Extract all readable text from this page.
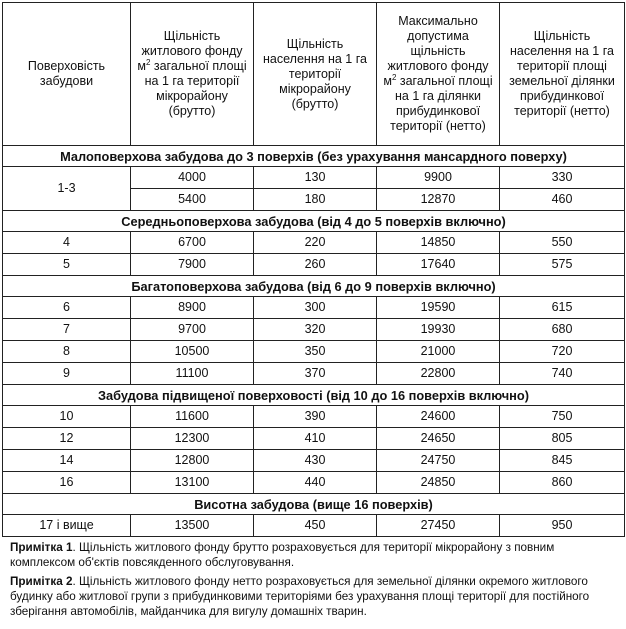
Поверховість забудови	Щільність житлового фонду $м^2$ загальної площі на 1 га території мікрорайону (брутто)	Щільність населення на 1 га території мікрорайону (брутто)	Максимально допустима щільність житлового фонду $м^2$ загальної площі на 1 га ділянки прибудинкової території (нетто)	Щільність населення на 1 га території площі земельної ділянки прибудинкової території (нетто)
Малоповерхова забудова до 3 поверхів (без урахування мансардного поверху)				
1-3	4000	130	9900	330
	5400	180	12870	460
Середньоповерхова забудова (від 4 до 5 поверхів включно)				
4	6700	220	14850	550
5	7900	260	17640	575
Багатоповерхова забудова (від 6 до 9 поверхів включно)				
6	8900	300	19590	615
7	9700	320	19930	680
8	10500	350	21000	720
9	11100	370	22800	740
Забудова підвищеної поверховості (від 10 до 16 поверхів включно)				
10	11600	390	24600	750
12	12300	410	24650	805
14	12800	430	24750	845
16	13100	440	24850	860
Висотна забудова (вище 16 поверхів)				
17 і вище	13500	450	27450	950

Примітка 1. Щільність житлового фонду брутто розраховується для території мікрорайону з повним комплексом об'єктів повсякденного обслуговування.

Примітка 2. Щільність житлового фонду нетто розраховується для земельної ділянки окремого житлового будинку або житлової групи з прибудинковими територіями без урахування площі території для постійного зберігання автомобілів, майданчика для вигулу домашніх тварин.
